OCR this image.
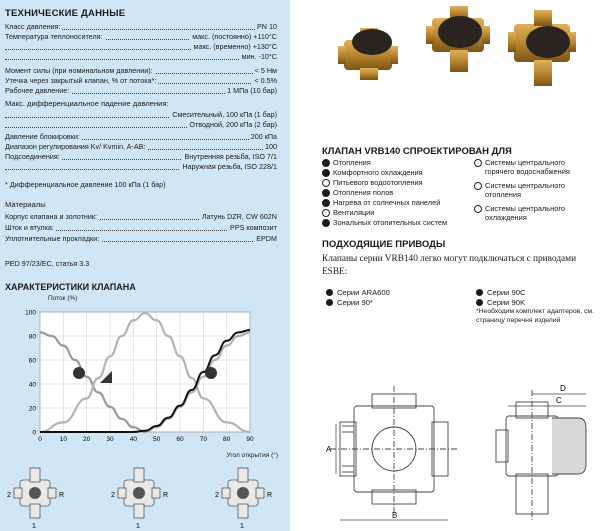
ТЕХНИЧЕСКИЕ ДАННЫЕ
Класс давления:	PN 10
Температура теплоносителя:	макс. (постоянно) +110°С
макс. (временно) +130°С
мин. -10°С
Момент силы (при номинальном давлении):	< 5 Нм
Утечка через закрытый клапан, % от потока*:	< 0.5%
Рабочее давление:	1 МПа (10 бар)
Макс. дифференциальное падение давления:
Смесительный, 100 кПа (1 бар)
Отводной, 200 кПа (2 бар)
Давление блокировки:	200 кПа
Диапазон регулирования Kv/ Kvmin, A-AB:	100
Подсоединения:	Внутренняя резьба, ISO 7/1
Наружная резьба, ISO 228/1
* Дифференциальное давление 100 кПа (1 бар)
Материалы
Корпус клапана и золотник:	Латунь DZR, CW 602N
Шток и втулка:	PPS композит
Уплотнительные прокладки:	EPDM
PED 97/23/EC, статья 3.3
ХАРАКТЕРИСТИКИ КЛАПАНА
0	10 20 30 40 50 60 70 80 90
0
20
40
60
80
100
Поток (%)
Угол открытия (°)
2	R
1
2	R
1
2	R
1
КЛАПАН VRB140 СПРОЕКТИРОВАН ДЛЯ
Отопления
Комфортного охлаждения
Питьевого водоотопления
Отопления полов
Нагрева от солнечных панелей
Вентиляции
Зональных отопительных систем
Системы центрального
горячего водоснабжения
Системы центрального
отопления
Системы центрального
охлаждения
ПОДХОДЯЩИЕ ПРИВОДЫ
Клапаны серии VRB140 легко могут подключаться с приводами ESBE:
Серии ARA600
Серии 90*
Серии 90C
Серии 90K
*Необходим комплект адаптеров, см. страницу перечня изделий
A
B
D
C
